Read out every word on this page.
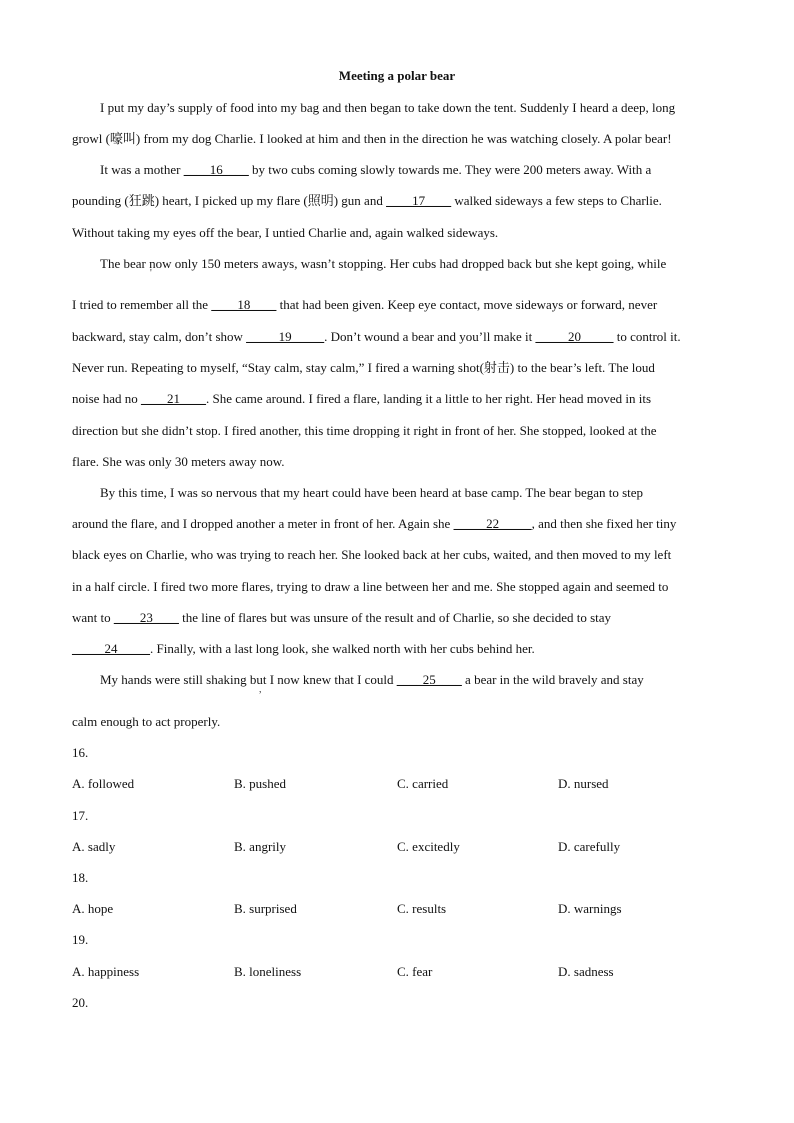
Meeting a polar bear
I put my day’s supply of food into my bag and then began to take down the tent. Suddenly I heard a deep, long
growl (嚎叫) from my dog Charlie. I looked at him and then in the direction he was watching closely. A polar bear!
It was a mother ____16____ by two cubs coming slowly towards me. They were 200 meters away. With a
pounding (狂跳) heart, I picked up my flare (照明) gun and ____17____ walked sideways a few steps to Charlie.
Without taking my eyes off the bear, I untied Charlie and, again walked sideways.
The bear now only 150 meters aways, wasn’t stopping. Her cubs had dropped back but she kept going, while
'
I tried to remember all the ____18____ that had been given. Keep eye contact, move sideways or forward, never
backward, stay calm, don’t show _____19_____. Don’t wound a bear and you’ll make it _____20_____ to control it.
Never run. Repeating to myself, “Stay calm, stay calm,” I fired a warning shot(射击) to the bear’s left. The loud
noise had no ____21____. She came around. I fired a flare, landing it a little to her right. Her head moved in its
direction but she didn’t stop. I fired another, this time dropping it right in front of her. She stopped, looked at the
flare. She was only 30 meters away now.
By this time, I was so nervous that my heart could have been heard at base camp. The bear began to step
around the flare, and I dropped another a meter in front of her. Again she _____22_____, and then she fixed her tiny
black eyes on Charlie, who was trying to reach her. She looked back at her cubs, waited, and then moved to my left
in a half circle. I fired two more flares, trying to draw a line between her and me. She stopped again and seemed to
want to ____23____ the line of flares but was unsure of the result and of Charlie, so she decided to stay
_____24_____. Finally, with a last long look, she walked north with her cubs behind her.
My hands were still shaking but I now knew that I could ____25____ a bear in the wild bravely and stay
,
calm enough to act properly.
16.
A. followed	B. pushed	C. carried	D. nursed
17.
A. sadly	B. angrily	C. excitedly	D. carefully
18.
A. hope	B. surprised	C. results	D. warnings
19.
A. happiness	B. loneliness	C. fear	D. sadness
20.
